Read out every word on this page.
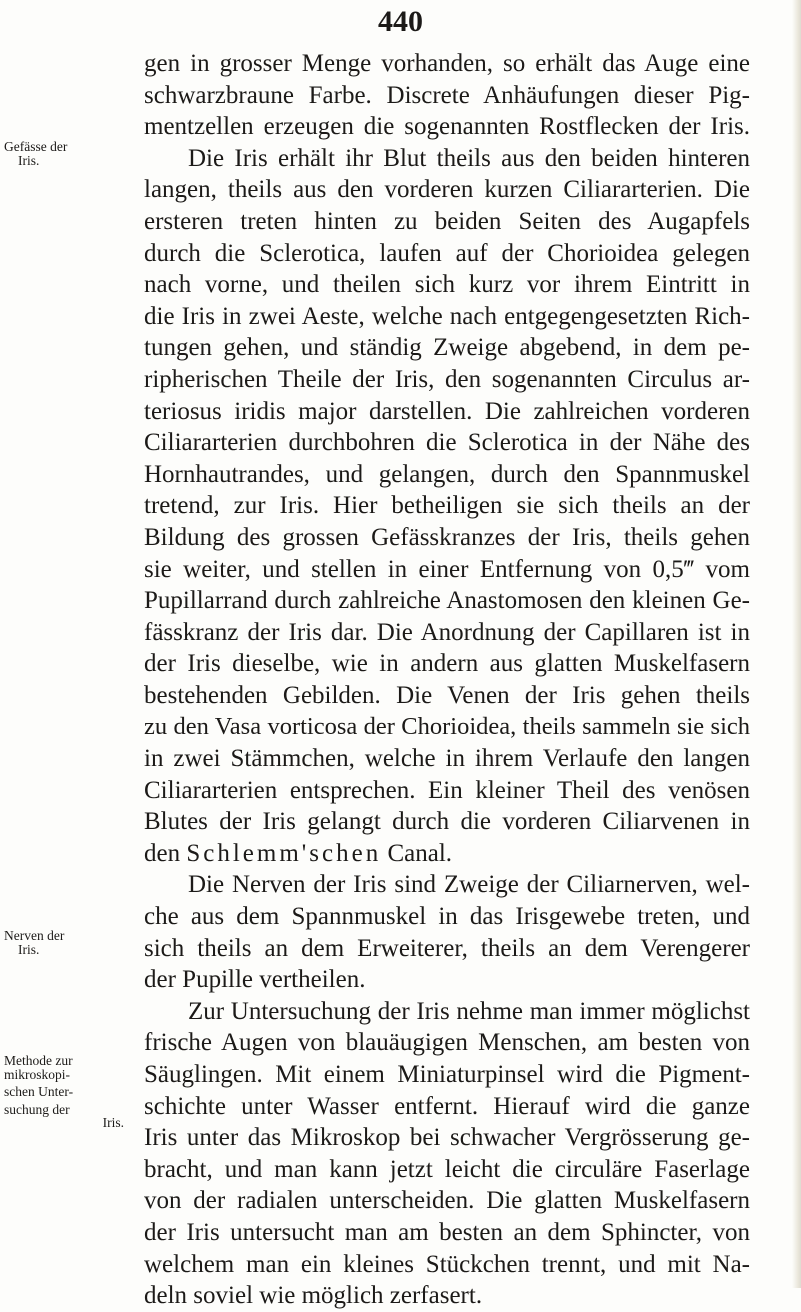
440
Gefässe der
Iris.
Nerven der
Iris.
Methode zur
mikroskopi-
schen Unter-
suchung der
Iris.
gen in grosser Menge vorhanden, so erhält das Auge eine
schwarzbraune Farbe. Discrete Anhäufungen dieser Pig-
mentzellen erzeugen die sogenannten Rostflecken der Iris.
Die Iris erhält ihr Blut theils aus den beiden hinteren
langen, theils aus den vorderen kurzen Ciliararterien. Die
ersteren treten hinten zu beiden Seiten des Augapfels
durch die Sclerotica, laufen auf der Chorioidea gelegen
nach vorne, und theilen sich kurz vor ihrem Eintritt in
die Iris in zwei Aeste, welche nach entgegengesetzten Rich-
tungen gehen, und ständig Zweige abgebend, in dem pe-
ripherischen Theile der Iris, den sogenannten Circulus ar-
teriosus iridis major darstellen. Die zahlreichen vorderen
Ciliararterien durchbohren die Sclerotica in der Nähe des
Hornhautrandes, und gelangen, durch den Spannmuskel
tretend, zur Iris. Hier betheiligen sie sich theils an der
Bildung des grossen Gefässkranzes der Iris, theils gehen
sie weiter, und stellen in einer Entfernung von 0,5‴ vom
Pupillarrand durch zahlreiche Anastomosen den kleinen Ge-
fässkranz der Iris dar. Die Anordnung der Capillaren ist in
der Iris dieselbe, wie in andern aus glatten Muskelfasern
bestehenden Gebilden. Die Venen der Iris gehen theils
zu den Vasa vorticosa der Chorioidea, theils sammeln sie sich
in zwei Stämmchen, welche in ihrem Verlaufe den langen
Ciliararterien entsprechen. Ein kleiner Theil des venösen
Blutes der Iris gelangt durch die vorderen Ciliarvenen in
den Schlemm'schen Canal.
Die Nerven der Iris sind Zweige der Ciliarnerven, wel-
che aus dem Spannmuskel in das Irisgewebe treten, und
sich theils an dem Erweiterer, theils an dem Verengerer
der Pupille vertheilen.
Zur Untersuchung der Iris nehme man immer möglichst
frische Augen von blauäugigen Menschen, am besten von
Säuglingen. Mit einem Miniaturpinsel wird die Pigment-
schichte unter Wasser entfernt. Hierauf wird die ganze
Iris unter das Mikroskop bei schwacher Vergrösserung ge-
bracht, und man kann jetzt leicht die circuläre Faserlage
von der radialen unterscheiden. Die glatten Muskelfasern
der Iris untersucht man am besten an dem Sphincter, von
welchem man ein kleines Stückchen trennt, und mit Na-
deln soviel wie möglich zerfasert.
